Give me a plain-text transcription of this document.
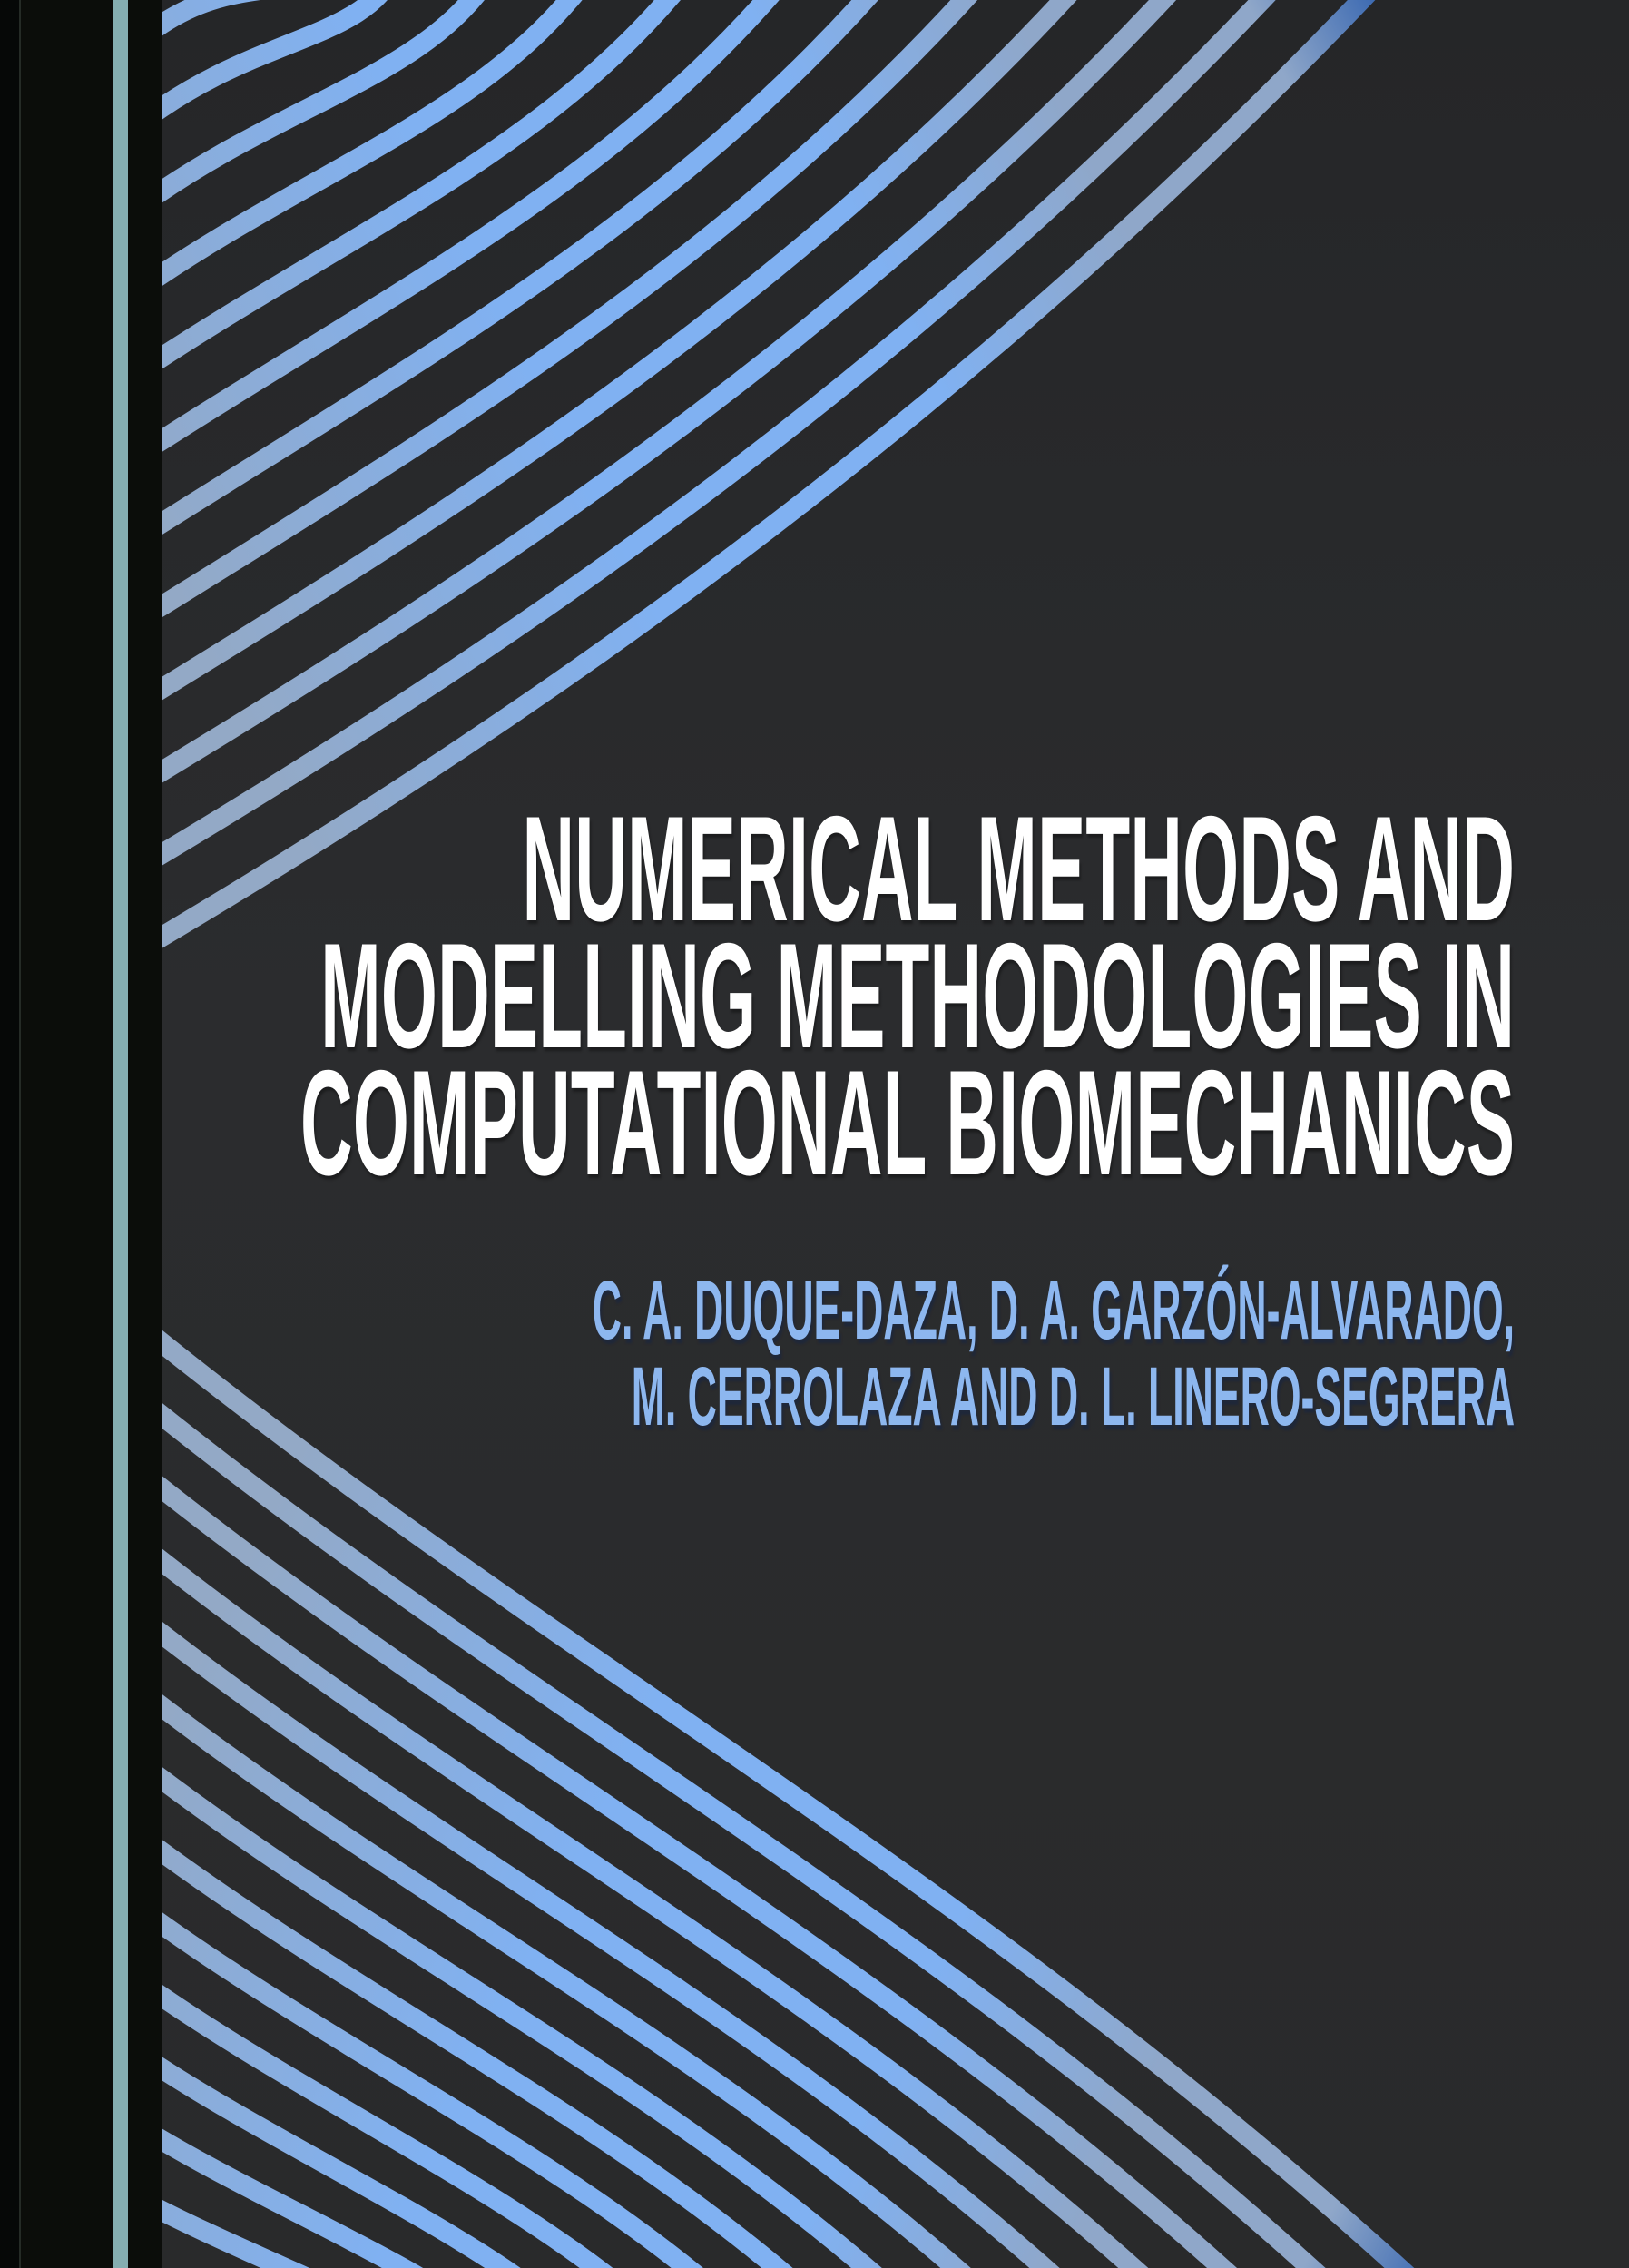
NUMERICAL METHODS AND
MODELLING METHODOLOGIES IN
COMPUTATIONAL BIOMECHANICS
C. A. DUQUE-DAZA, D. A. GARZÓN-ALVARADO,
M. CERROLAZA AND D. L. LINERO-SEGRERA
